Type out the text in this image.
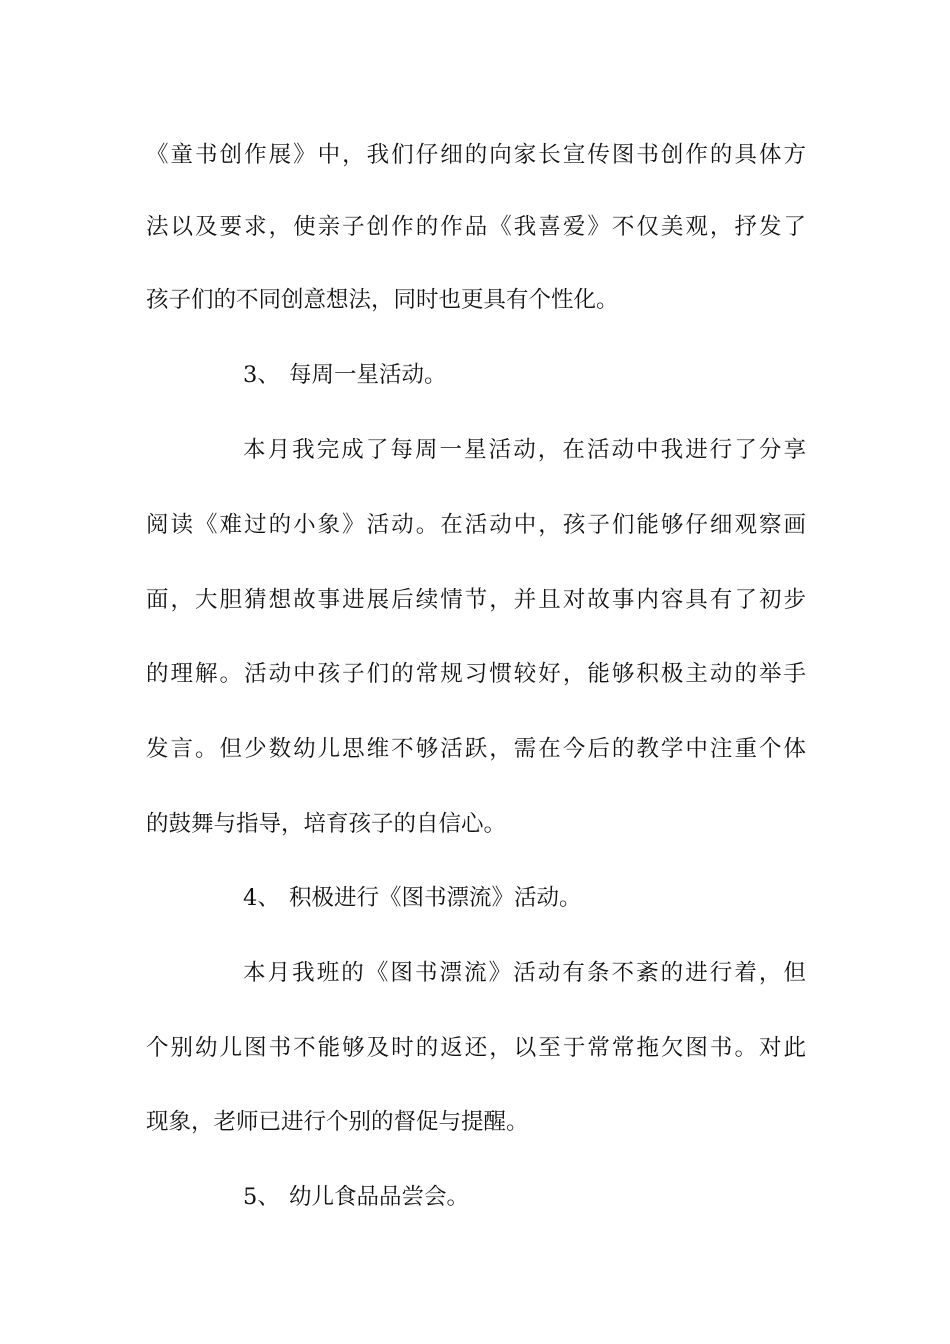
《童书创作展》中，我们仔细的向家长宣传图书创作的具体方
法以及要求，使亲子创作的作品《我喜爱》不仅美观，抒发了
孩子们的不同创意想法，同时也更具有个性化。
3、 每周一星活动。
本月我完成了每周一星活动，在活动中我进行了分享
阅读《难过的小象》活动。在活动中，孩子们能够仔细观察画
面，大胆猜想故事进展后续情节，并且对故事内容具有了初步
的理解。活动中孩子们的常规习惯较好，能够积极主动的举手
发言。但少数幼儿思维不够活跃，需在今后的教学中注重个体
的鼓舞与指导，培育孩子的自信心。
4、 积极进行《图书漂流》活动。
本月我班的《图书漂流》活动有条不紊的进行着，但
个别幼儿图书不能够及时的返还，以至于常常拖欠图书。对此
现象，老师已进行个别的督促与提醒。
5、 幼儿食品品尝会。
